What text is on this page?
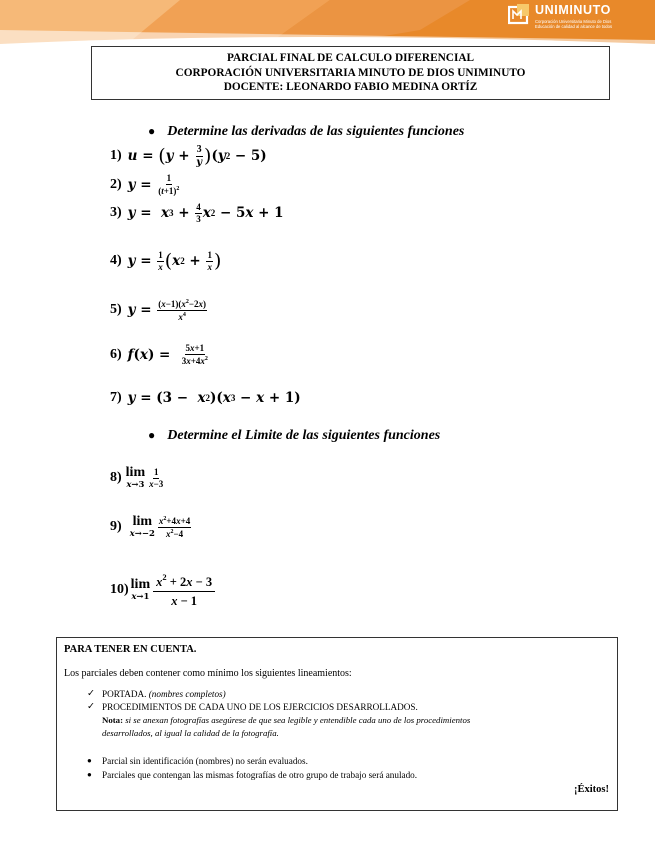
UNIMINUTO
Corporación Universitaria Minuto de Dios
Educación de calidad al alcance de todos
PARCIAL FINAL DE CALCULO DIFERENCIAL
CORPORACIÓN UNIVERSITARIA MINUTO DE DIOS UNIMINUTO
DOCENTE: LEONARDO FABIO MEDINA ORTÍZ
● Determine las derivadas de las siguientes funciones
1) u = ( $y + \frac{3}{y}$ ) ( y 2 − 5)
2) $y = \frac{1}{(t+1)^2}$
3) y = x $3 + \frac{4}{3}$ x 2 − 5 x + 1
4) $y = \frac{1}{x}$ ( x $2 + \frac{1}{x}$ )
5) $y = \frac{(x-1)(x^2-2x)}{x^4}$
6) f ( x ) = $\frac{5x+1}{3x+4x^2}$
7) y = (3 − x 2 )( x 3 − x + 1)
● Determine el Limite de las siguientes funciones
8) lim
$x\to 3 \frac{1}{x-3}$
9) lim
$x\to-2 \frac{x^2+4x+4}{x^2-4}$
10) lim
$x\to 1 \frac{x^2 + 2x - 3}{x - 1}$
PARA TENER EN CUENTA.
Los parciales deben contener como mínimo los siguientes lineamientos:
✓ PORTADA. (nombres completos)
✓ PROCEDIMIENTOS DE CADA UNO DE LOS EJERCICIOS DESARROLLADOS.
Nota: si se anexan fotografías asegúrese de que sea legible y entendible cada uno de los procedimientos
desarrollados, al igual la calidad de la fotografía.
● Parcial sin identificación (nombres) no serán evaluados.
● Parciales que contengan las mismas fotografías de otro grupo de trabajo será anulado.
¡Éxitos!
